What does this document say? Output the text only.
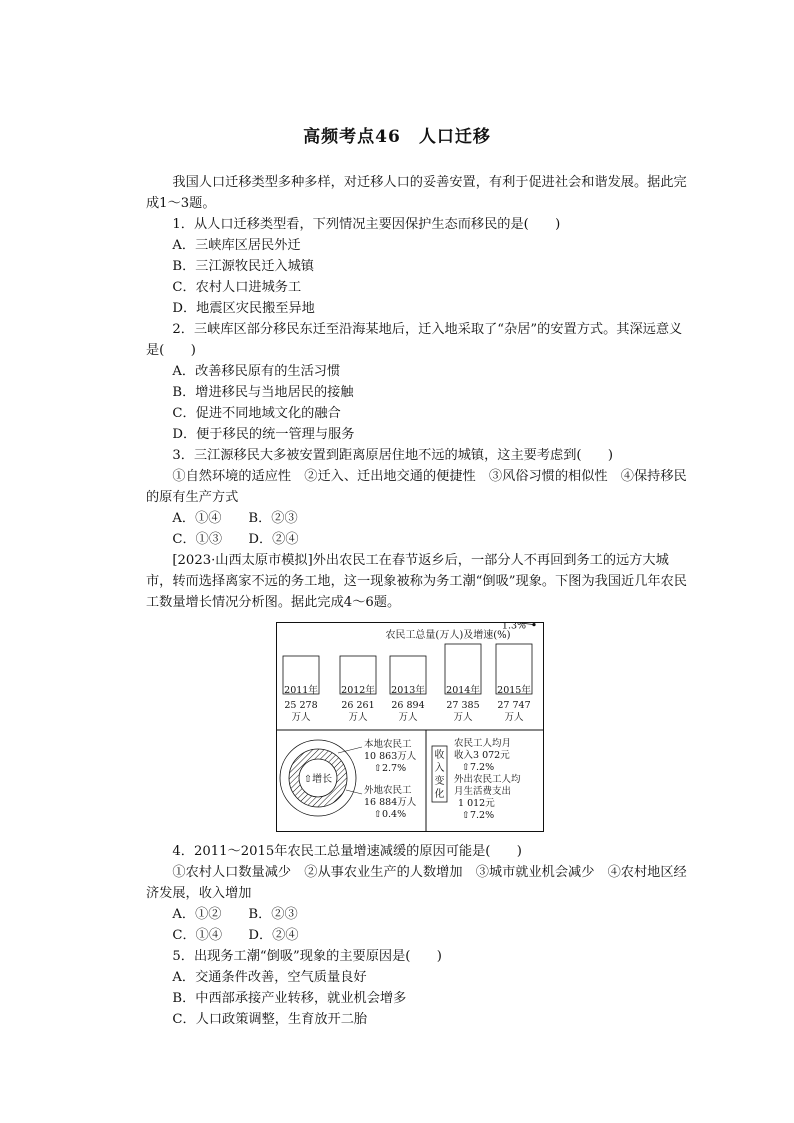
高频考点46　人口迁移

我国人口迁移类型多种多样，对迁移人口的妥善安置，有利于促进社会和谐发展。据此完成1～3题。

1．从人口迁移类型看，下列情况主要因保护生态而移民的是(　　)

A．三峡库区居民外迁

B．三江源牧民迁入城镇

C．农村人口进城务工

D．地震区灾民搬至异地

2．三峡库区部分移民东迁至沿海某地后，迁入地采取了“杂居”的安置方式。其深远意义是(　　)

A．改善移民原有的生活习惯

B．增进移民与当地居民的接触

C．促进不同地域文化的融合

D．便于移民的统一管理与服务

3．三江源移民大多被安置到距离原居住地不远的城镇，这主要考虑到(　　)

①自然环境的适应性　②迁入、迁出地交通的便捷性　③风俗习惯的相似性　④保持移民的原有生产方式

A．①④	B．②③
C．①③	D．②④

[2023·山西太原市模拟]外出农民工在春节返乡后，一部分人不再回到务工的远方大城市，转而选择离家不远的务工地，这一现象被称为务工潮“倒吸”现象。下图为我国近几年农民工数量增长情况分析图。据此完成4～6题。

农民工总量(万人)及增速(%)
2011年
25 278
万人
2012年
26 261
万人
2013年
26 894
万人
2014年
27 385
万人
2015年
27 747
万人
1.3%
⇧增长
本地农民工
10 863万人
⇧2.7%
外地农民工
16 884万人
⇧0.4%
收
入
变
化
农民工人均月
收入3 072元
⇧7.2%
外出农民工人均
月生活费支出
1 012元
⇧7.2%

4．2011～2015年农民工总量增速减缓的原因可能是(　　)

①农村人口数量减少　②从事农业生产的人数增加　③城市就业机会减少　④农村地区经济发展，收入增加

A．①②	B．②③
C．①④	D．②④

5．出现务工潮“倒吸”现象的主要原因是(　　)

A．交通条件改善，空气质量良好

B．中西部承接产业转移，就业机会增多

C．人口政策调整，生育放开二胎
